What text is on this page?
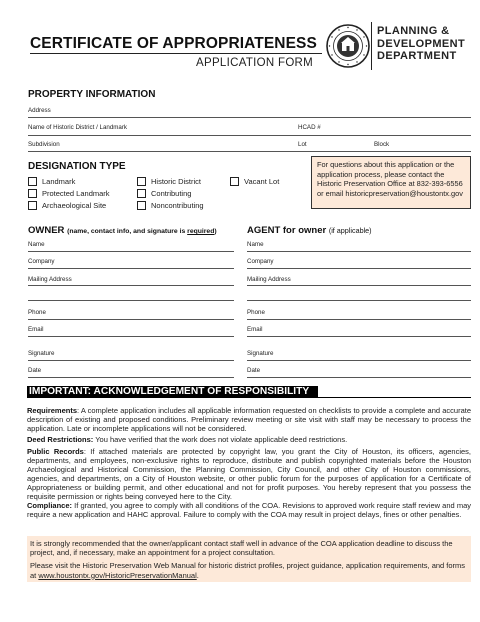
CERTIFICATE OF APPROPRIATENESS
APPLICATION FORM
PLANNING &
DEVELOPMENT
DEPARTMENT
PROPERTY INFORMATION
Address
Name of Historic District / Landmark	HCAD #
Subdivision	Lot	Block
DESIGNATION TYPE
Landmark
Protected Landmark
Archaeological Site
Historic District
Contributing
Noncontributing
Vacant Lot
For questions about this application or the application process, please contact the Historic Preservation Office at 832-393-6556 or email historicpreservation@houstontx.gov
OWNER (name, contact info, and signature is required)
Name
Company
Mailing Address
Phone
Email
Signature
Date
AGENT for owner (if applicable)
Name
Company
Mailing Address
Phone
Email
Signature
Date
IMPORTANT: ACKNOWLEDGEMENT OF RESPONSIBILITY
Requirements: A complete application includes all applicable information requested on checklists to provide a complete and accurate description of existing and proposed conditions. Preliminary review meeting or site visit with staff may be necessary to process the application. Late or incomplete applications will not be considered.
Deed Restrictions: You have verified that the work does not violate applicable deed restrictions.
Public Records: If attached materials are protected by copyright law, you grant the City of Houston, its officers, agencies, departments, and employees, non-exclusive rights to reproduce, distribute and publish copyrighted materials before the Houston Archaeological and Historical Commission, the Planning Commission, City Council, and other City of Houston commissions, agencies, and departments, on a City of Houston website, or other public forum for the purposes of application for a Certificate of Appropriateness or building permit, and other educational and not for profit purposes. You hereby represent that you possess the requisite permission or rights being conveyed here to the City.
Compliance: If granted, you agree to comply with all conditions of the COA. Revisions to approved work require staff review and may require a new application and HAHC approval. Failure to comply with the COA may result in project delays, fines or other penalties.

It is strongly recommended that the owner/applicant contact staff well in advance of the COA application deadline to discuss the project, and, if necessary, make an appointment for a project consultation.

Please visit the Historic Preservation Web Manual for historic district profiles, project guidance, application requirements, and forms at www.houstontx.gov/HistoricPreservationManual.
